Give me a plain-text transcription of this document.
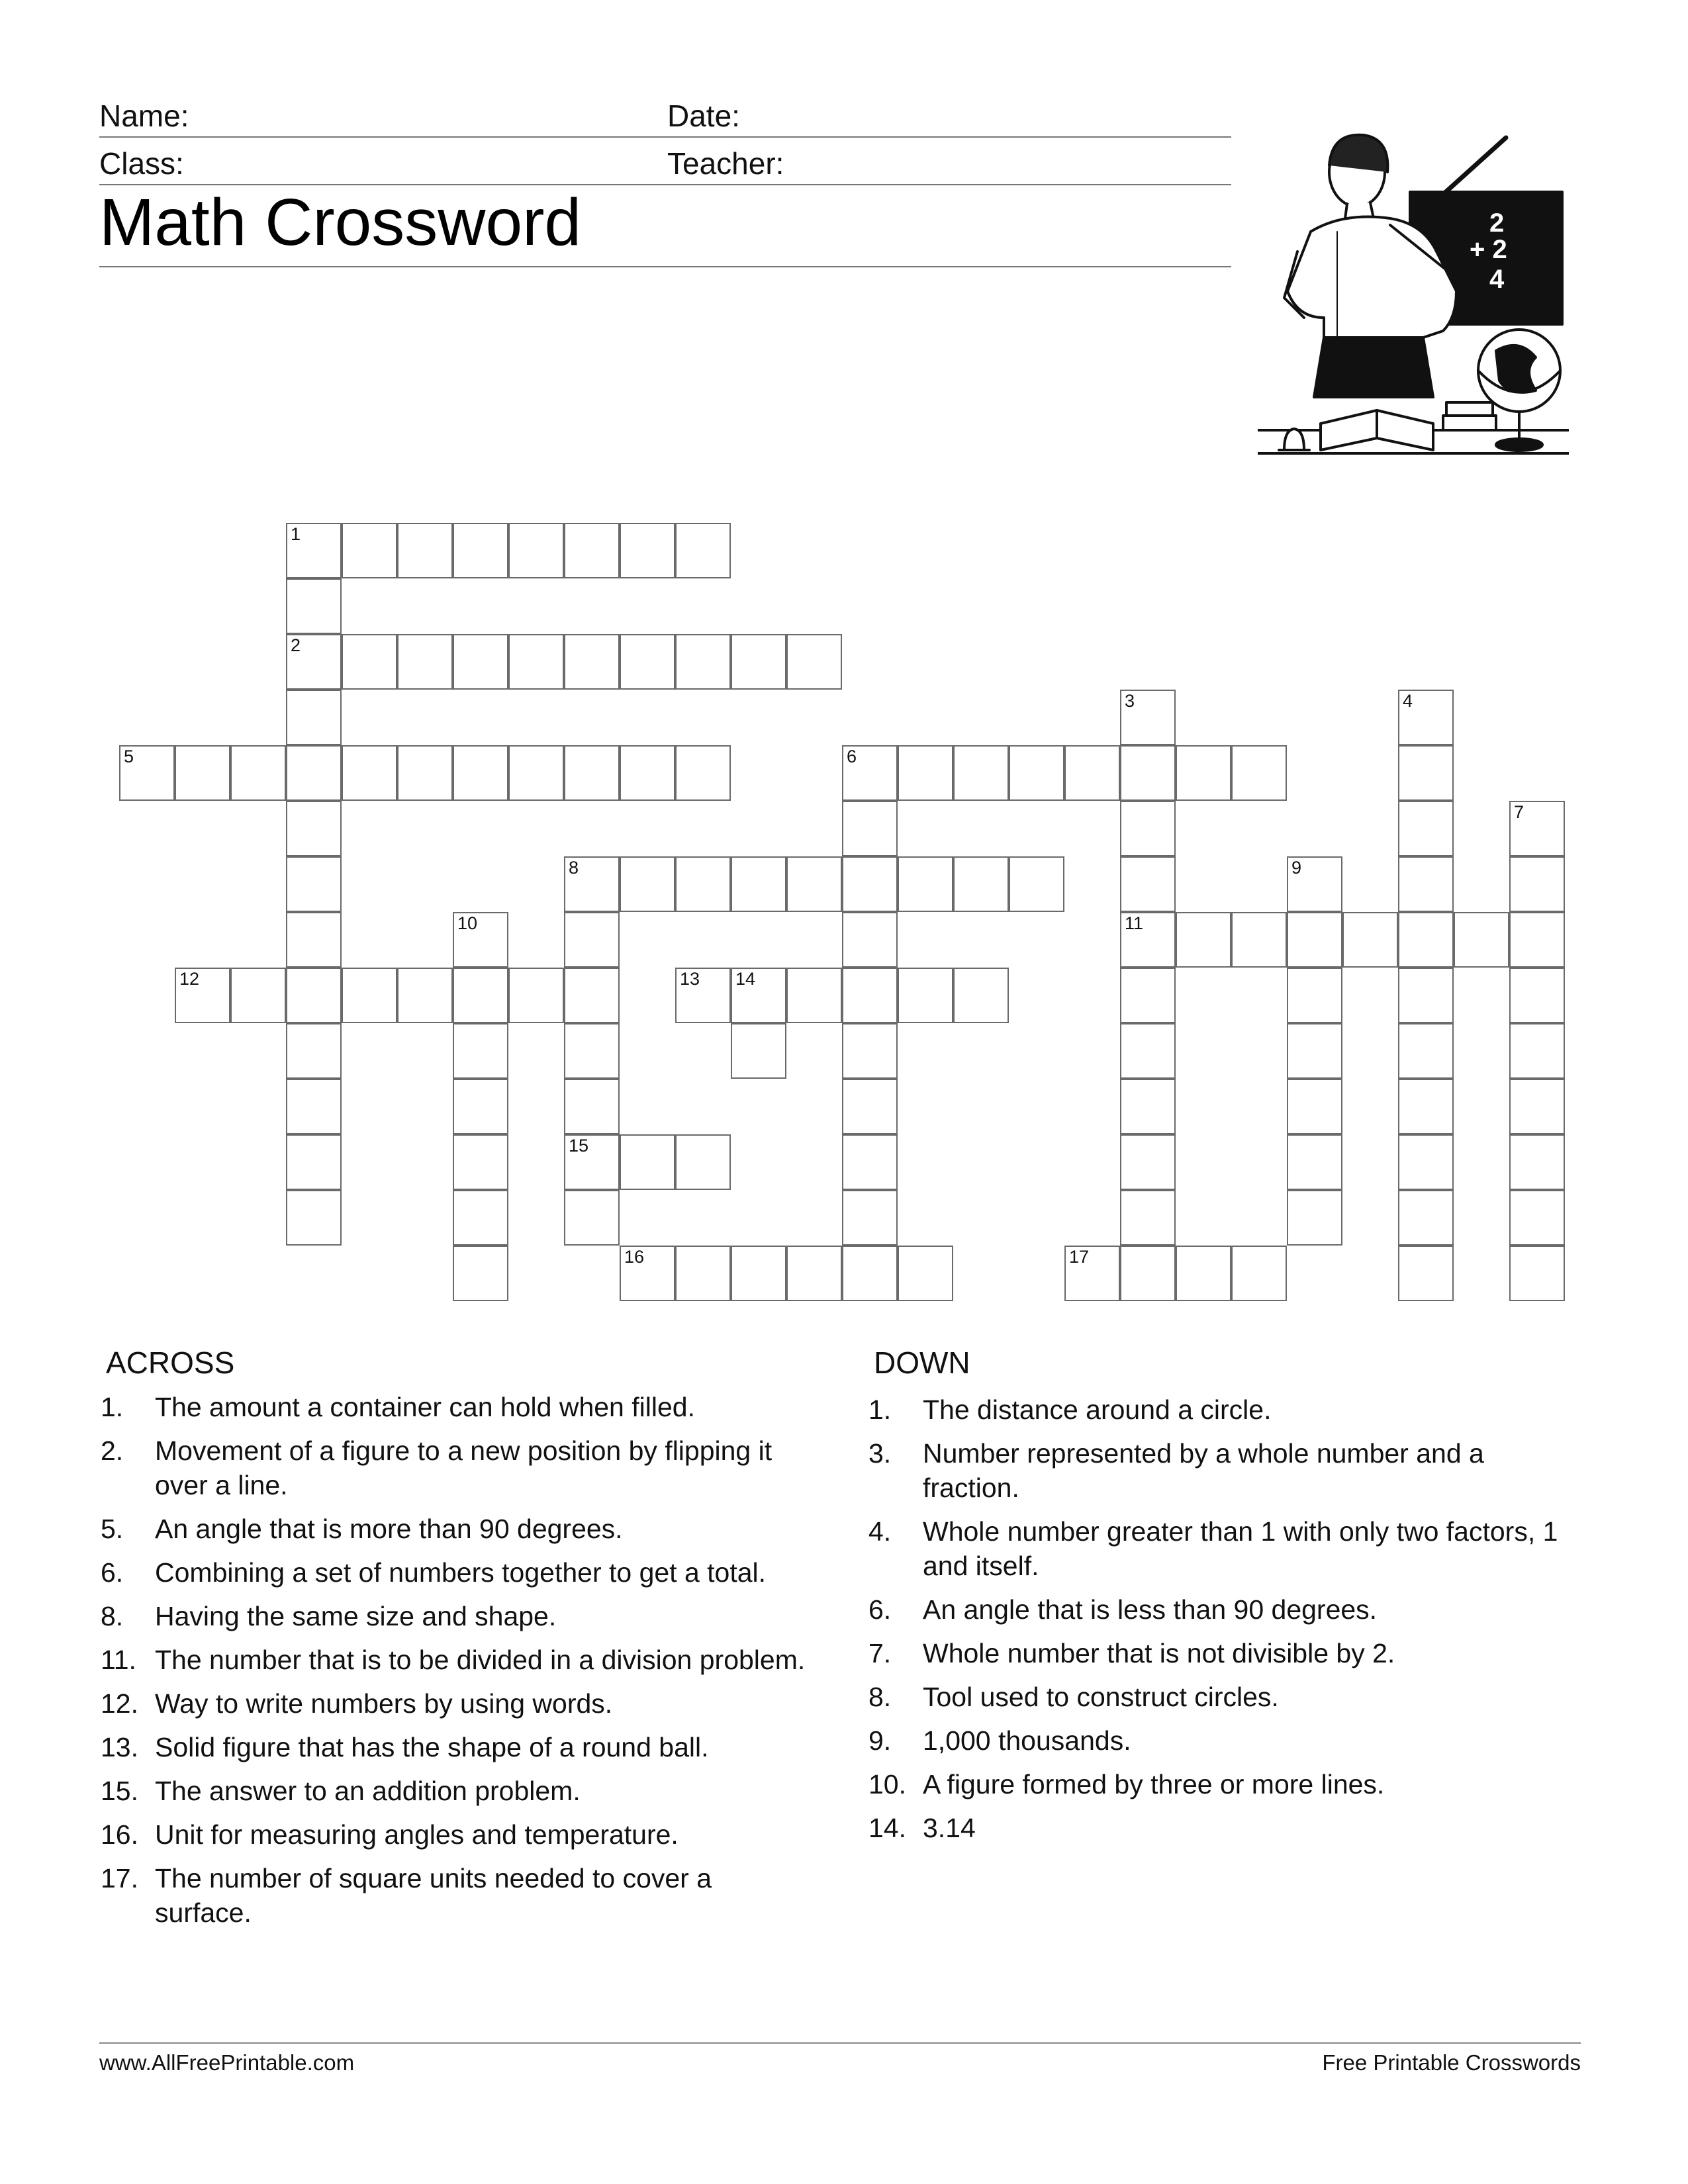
Name:	Date:
Class:	Teacher:
Math Crossword	2
+ 2
4
1
2
3
11
4
5	6
7
8
15
9
10
12	13 14
16	17
ACROSS
1. The amount a container can hold when filled.
2. Movement of a figure to a new position by flipping it over a line.
5. An angle that is more than 90 degrees.
6. Combining a set of numbers together to get a total.
8. Having the same size and shape.
11. The number that is to be divided in a division problem.
12. Way to write numbers by using words.
13. Solid figure that has the shape of a round ball.
15. The answer to an addition problem.
16. Unit for measuring angles and temperature.
17. The number of square units needed to cover a surface.
DOWN
1. The distance around a circle.
3. Number represented by a whole number and a fraction.
4. Whole number greater than 1 with only two factors, 1 and itself.
6. An angle that is less than 90 degrees.
7. Whole number that is not divisible by 2.
8. Tool used to construct circles.
9. 1,000 thousands.
10. A figure formed by three or more lines.
14. 3.14
www.AllFreePrintable.com	Free Printable Crosswords
